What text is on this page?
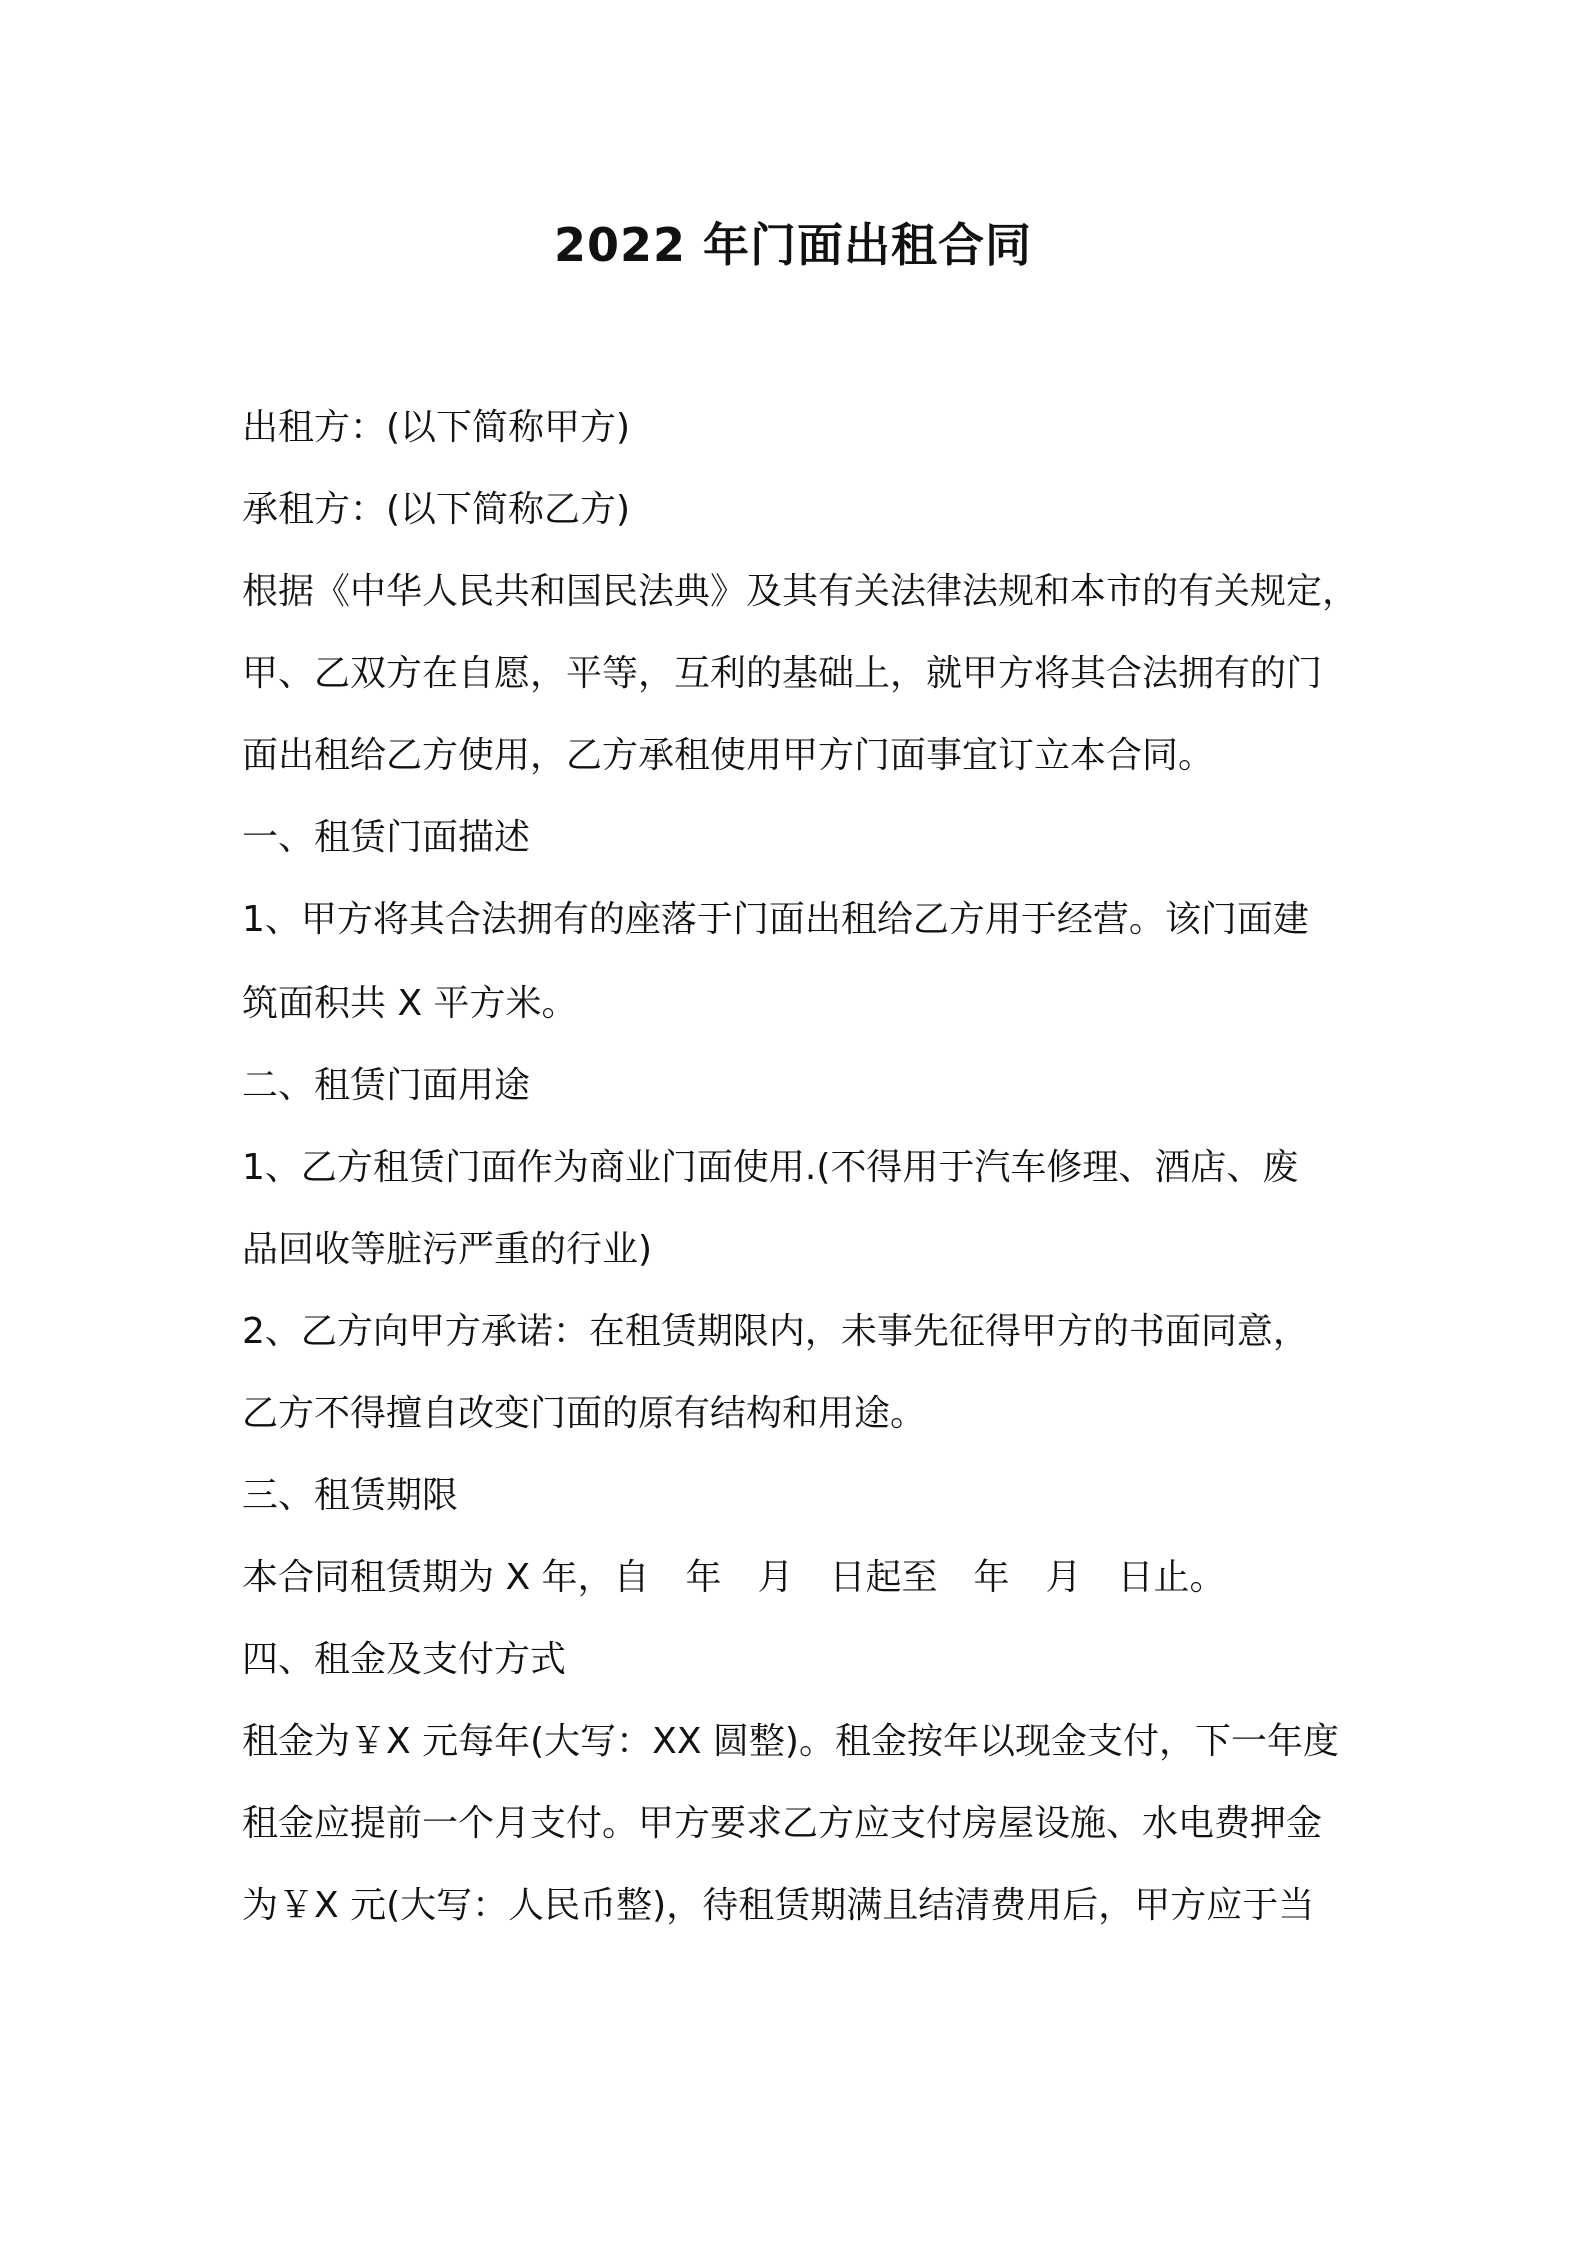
2022 年门面出租合同
出租方：(以下简称甲方)
承租方：(以下简称乙方)
根据《中华人民共和国民法典》及其有关法律法规和本市的有关规定，
甲、乙双方在自愿，平等，互利的基础上，就甲方将其合法拥有的门
面出租给乙方使用，乙方承租使用甲方门面事宜订立本合同。
一、租赁门面描述
1、甲方将其合法拥有的座落于门面出租给乙方用于经营。该门面建
筑面积共 X 平方米。
二、租赁门面用途
1、乙方租赁门面作为商业门面使用.(不得用于汽车修理、酒店、废
品回收等脏污严重的行业)
2、乙方向甲方承诺：在租赁期限内，未事先征得甲方的书面同意，
乙方不得擅自改变门面的原有结构和用途。
三、租赁期限
本合同租赁期为 X 年，自　年　月　日起至　年　月　日止。
四、租金及支付方式
租金为￥X 元每年(大写：XX 圆整)。租金按年以现金支付，下一年度
租金应提前一个月支付。甲方要求乙方应支付房屋设施、水电费押金
为￥X 元(大写：人民币整)，待租赁期满且结清费用后，甲方应于当
